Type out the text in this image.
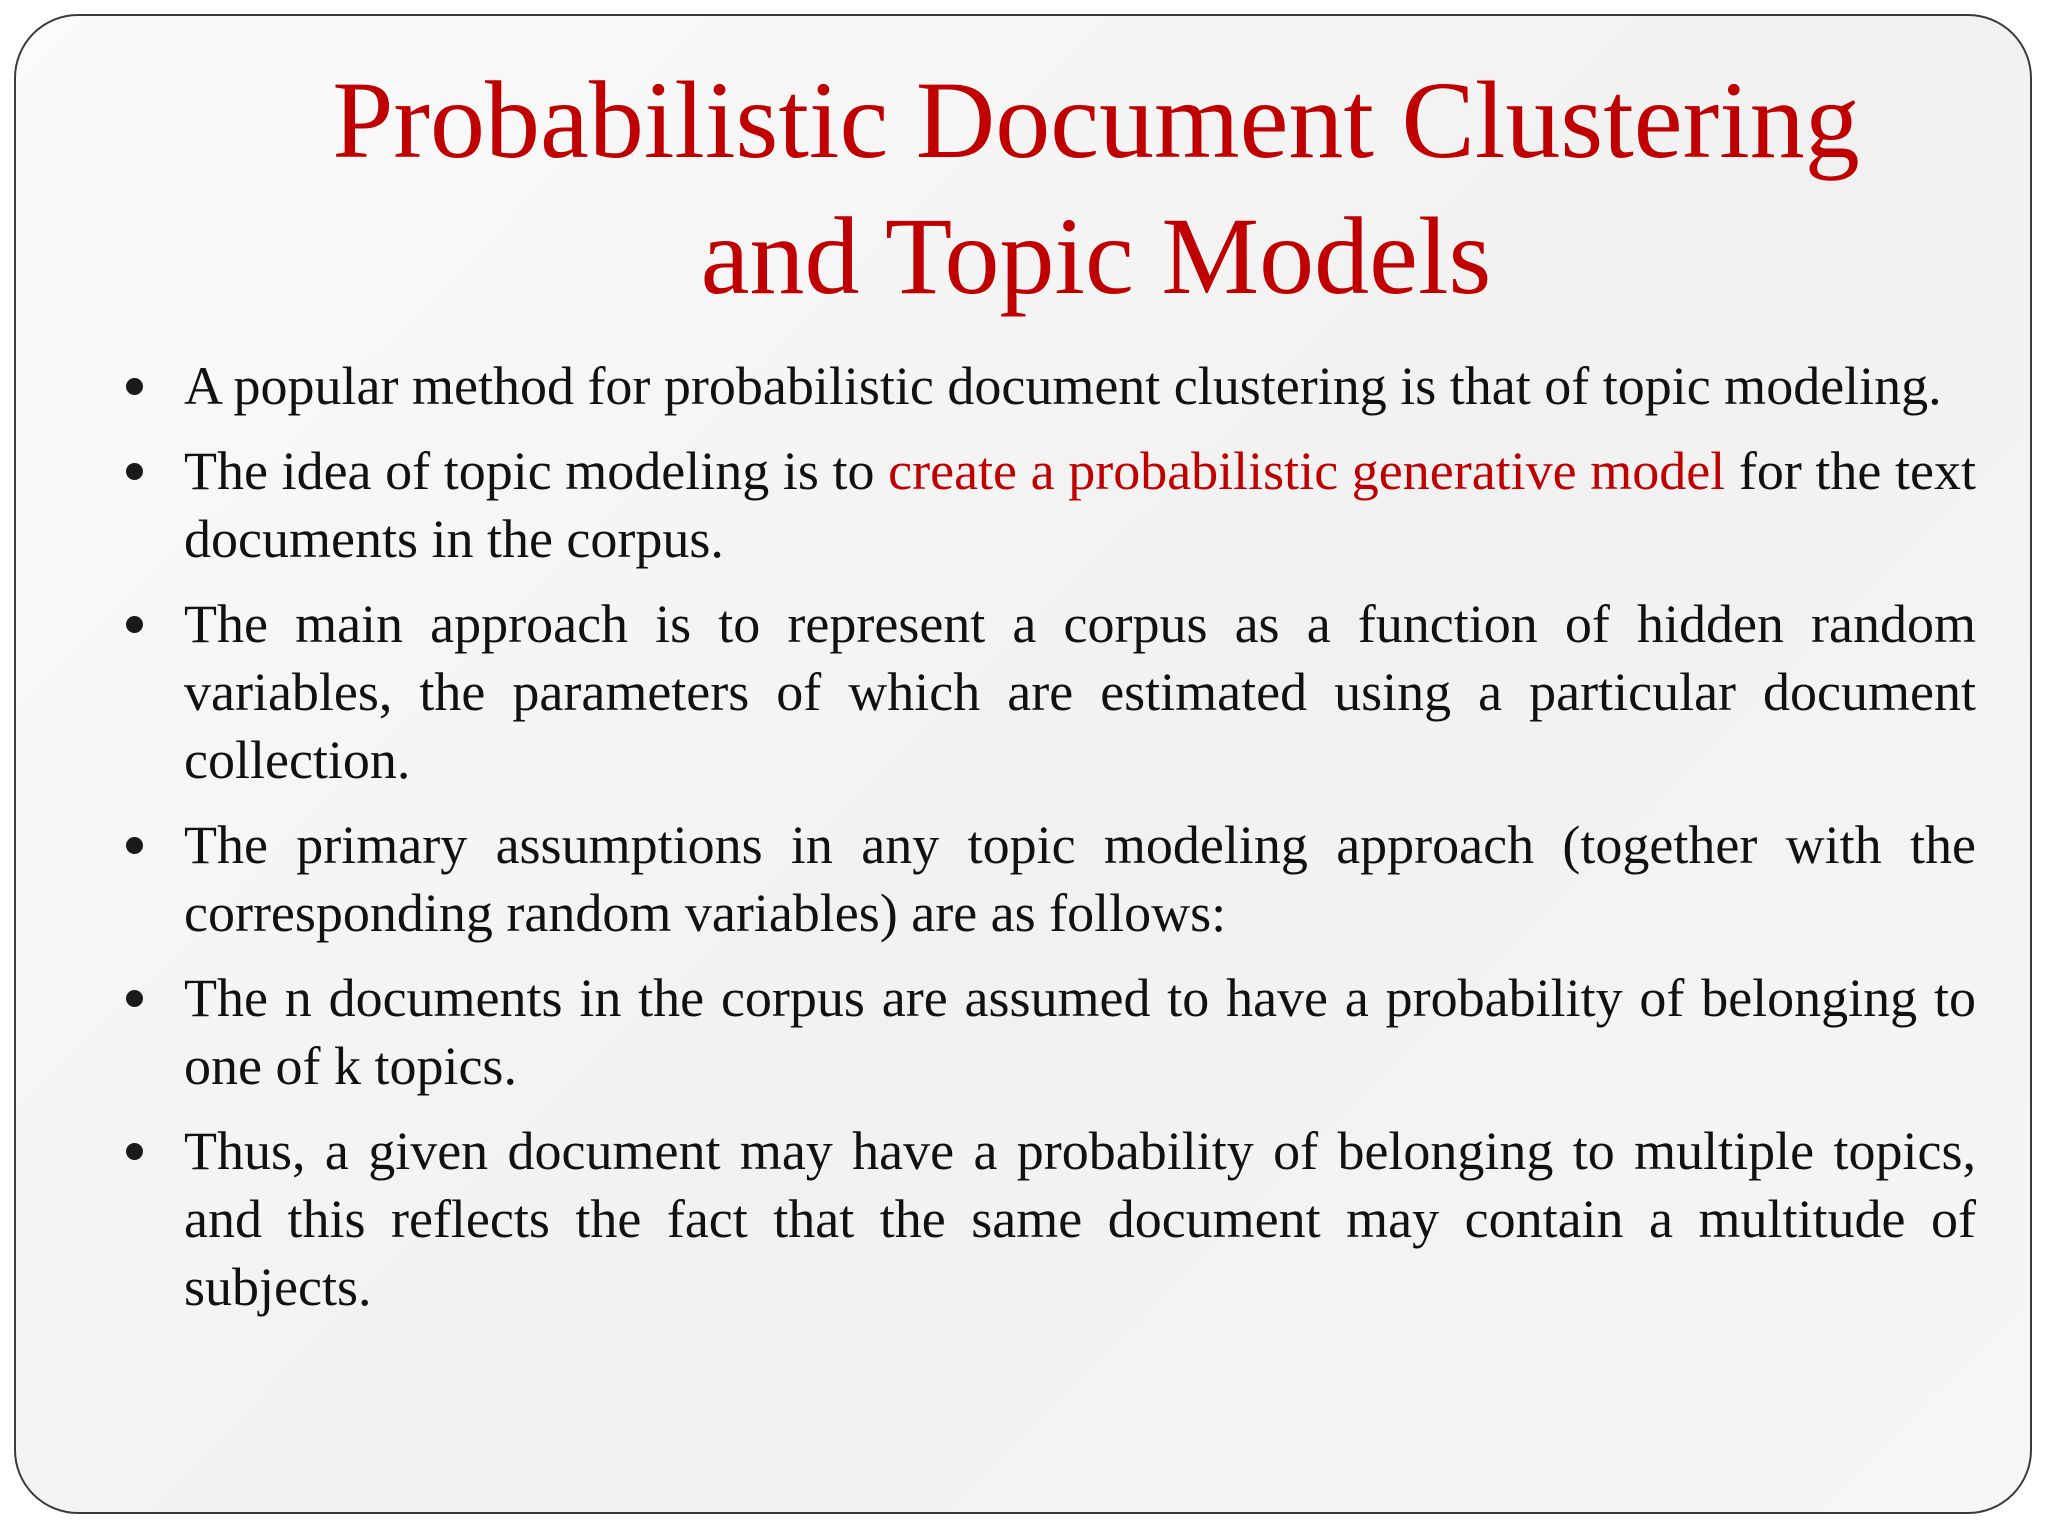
Probabilistic Document Clustering
and Topic Models
A popular method for probabilistic document clustering is that of topic modeling.
The idea of topic modeling is to create a probabilistic generative model for the text documents in the corpus.
The main approach is to represent a corpus as a function of hidden random variables, the parameters of which are estimated using a particular document collection.
The primary assumptions in any topic modeling approach (together with the corresponding random variables) are as follows:
The n documents in the corpus are assumed to have a probability of belonging to one of k topics.
Thus, a given document may have a probability of belonging to multiple topics, and this reflects the fact that the same document may contain a multitude of subjects.
